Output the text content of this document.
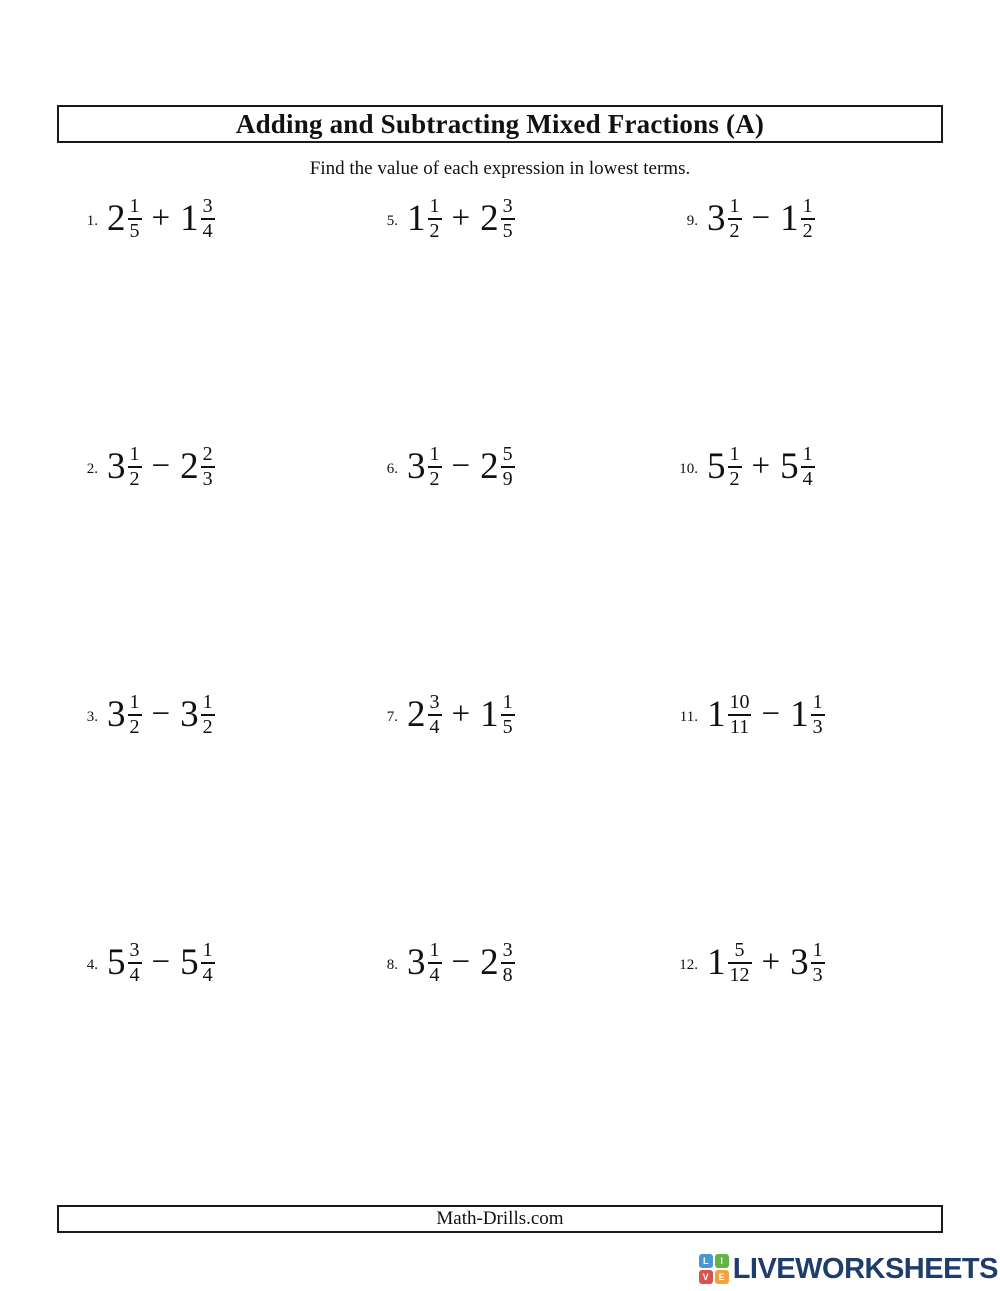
Adding and Subtracting Mixed Fractions (A)

Find the value of each expression in lowest terms.

1. $2 \frac{1}{5} + 1 \frac{3}{4}$	5. $1 \frac{1}{2} + 2 \frac{3}{5}$	9. $3 \frac{1}{2} - 1 \frac{1}{2}$
2. $3 \frac{1}{2} - 2 \frac{2}{3}$	6. $3 \frac{1}{2} - 2 \frac{5}{9}$	10. $5 \frac{1}{2} + 5 \frac{1}{4}$
3. $3 \frac{1}{2} - 3 \frac{1}{2}$	7. $2 \frac{3}{4} + 1 \frac{1}{5}$	11. $1 \frac{10}{11} - 1 \frac{1}{3}$
4. $5 \frac{3}{4} - 5 \frac{1}{4}$	8. $3 \frac{1}{4} - 2 \frac{3}{8}$	12. $1 \frac{5}{12} + 3 \frac{1}{3}$
Math-Drills.com
L	I
V	E LIVEWORKSHEETS
